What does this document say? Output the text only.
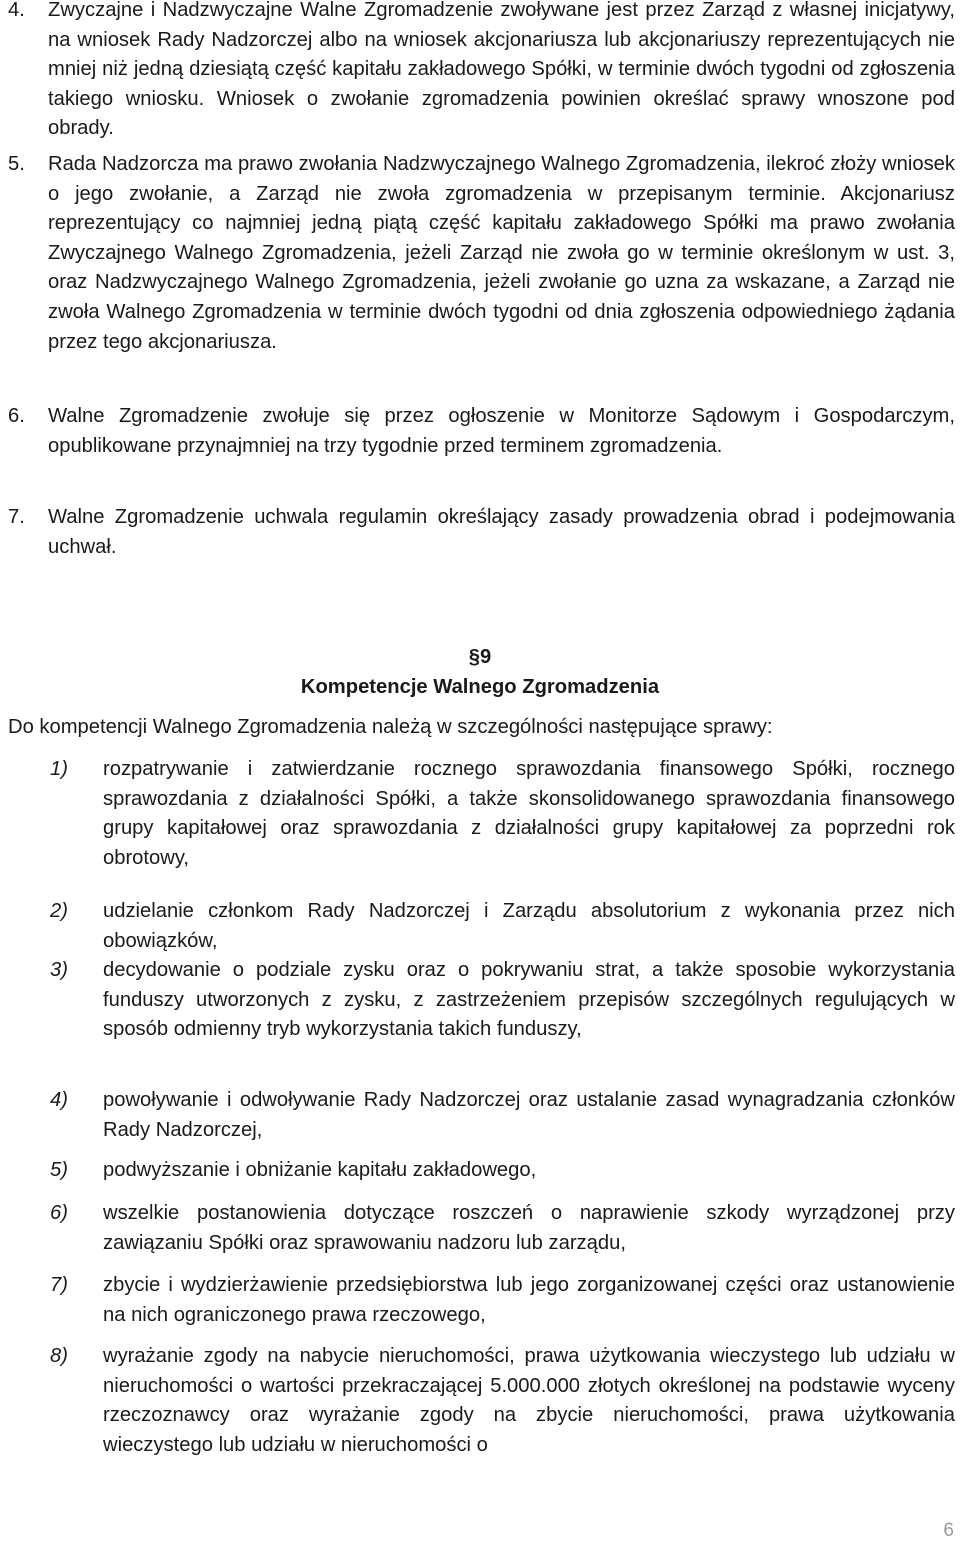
4.	Zwyczajne i Nadzwyczajne Walne Zgromadzenie zwoływane jest przez Zarząd z własnej inicjatywy, na wniosek Rady Nadzorczej albo na wniosek akcjonariusza lub akcjonariuszy reprezentujących nie mniej niż jedną dziesiątą część kapitału zakładowego Spółki, w terminie dwóch tygodni od zgłoszenia takiego wniosku. Wniosek o zwołanie zgromadzenia powinien określać sprawy wnoszone pod obrady.
5.	Rada Nadzorcza ma prawo zwołania Nadzwyczajnego Walnego Zgromadzenia, ilekroć złoży wniosek o jego zwołanie, a Zarząd nie zwoła zgromadzenia w przepisanym terminie. Akcjonariusz reprezentujący co najmniej jedną piątą część kapitału zakładowego Spółki ma prawo zwołania Zwyczajnego Walnego Zgromadzenia, jeżeli Zarząd nie zwoła go w terminie określonym w ust. 3, oraz Nadzwyczajnego Walnego Zgromadzenia, jeżeli zwołanie go uzna za wskazane, a Zarząd nie zwoła Walnego Zgromadzenia w terminie dwóch tygodni od dnia zgłoszenia odpowiedniego żądania przez tego akcjonariusza.
6.	Walne Zgromadzenie zwołuje się przez ogłoszenie w Monitorze Sądowym i Gospodarczym, opublikowane przynajmniej na trzy tygodnie przed terminem zgromadzenia.
7.	Walne Zgromadzenie uchwala regulamin określający zasady prowadzenia obrad i podejmowania uchwał.
§9
Kompetencje Walnego Zgromadzenia
Do kompetencji Walnego Zgromadzenia należą w szczególności następujące sprawy:
1)	rozpatrywanie i zatwierdzanie rocznego sprawozdania finansowego Spółki, rocznego sprawozdania z działalności Spółki, a także skonsolidowanego sprawozdania finansowego grupy kapitałowej oraz sprawozdania z działalności grupy kapitałowej za poprzedni rok obrotowy,
2)	udzielanie członkom Rady Nadzorczej i Zarządu absolutorium z wykonania przez nich obowiązków,
3)	decydowanie o podziale zysku oraz o pokrywaniu strat, a także sposobie wykorzystania funduszy utworzonych z zysku, z zastrzeżeniem przepisów szczególnych regulujących w sposób odmienny tryb wykorzystania takich funduszy,
4)	powoływanie i odwoływanie Rady Nadzorczej oraz ustalanie zasad wynagradzania członków Rady Nadzorczej,
5)	podwyższanie i obniżanie kapitału zakładowego,
6)	wszelkie postanowienia dotyczące roszczeń o naprawienie szkody wyrządzonej przy zawiązaniu Spółki oraz sprawowaniu nadzoru lub zarządu,
7)	zbycie i wydzierżawienie przedsiębiorstwa lub jego zorganizowanej części oraz ustanowienie na nich ograniczonego prawa rzeczowego,
8)	wyrażanie zgody na nabycie nieruchomości, prawa użytkowania wieczystego lub udziału w nieruchomości o wartości przekraczającej 5.000.000 złotych określonej na podstawie wyceny rzeczoznawcy oraz wyrażanie zgody na zbycie nieruchomości, prawa użytkowania wieczystego lub udziału w nieruchomości o
6
